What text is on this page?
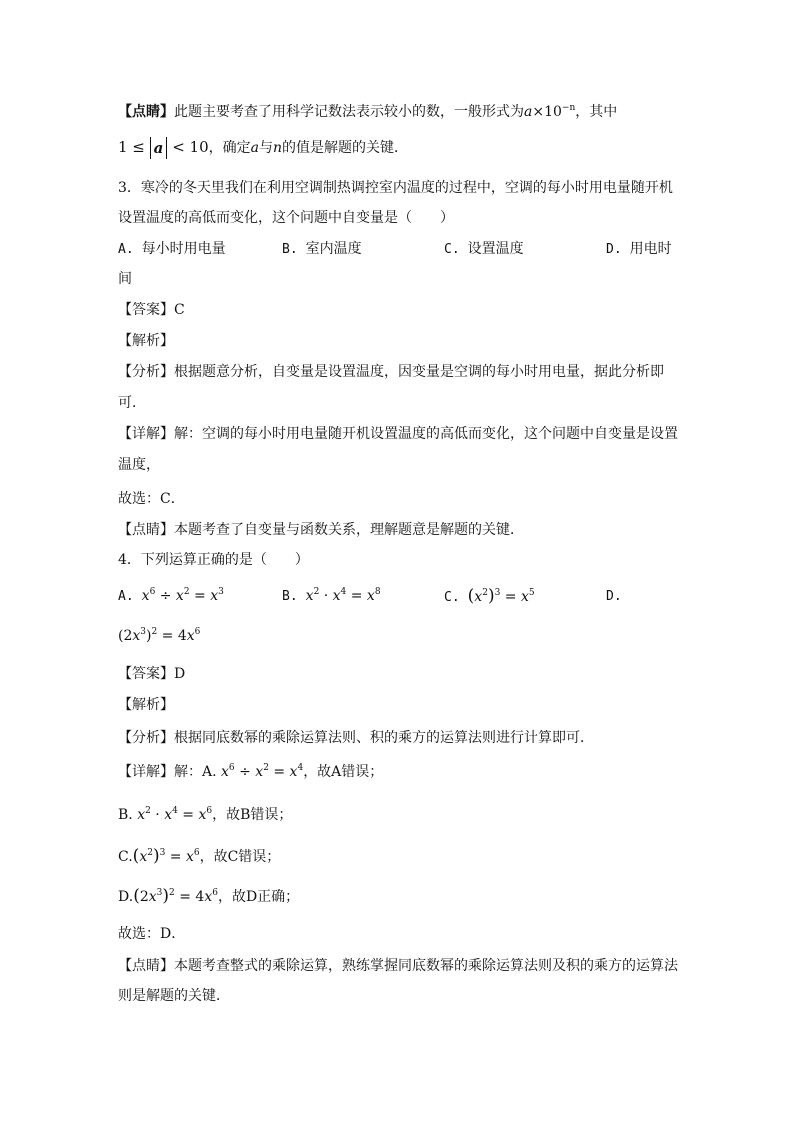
【点睛】此题主要考查了用科学记数法表示较小的数，一般形式为$a\times 10^{-n}$，其中
1 ≤ a < 10，确定a与n的值是解题的关键．
3．寒冷的冬天里我们在利用空调制热调控室内温度的过程中，空调的每小时用电量随开机
设置温度的高低而变化，这个问题中自变量是（　　）
A. 每小时用电量	B. 室内温度	C. 设置温度	D. 用电时
间
【答案】C
【解析】
【分析】根据题意分析，自变量是设置温度，因变量是空调的每小时用电量，据此分析即
可．
【详解】解：空调的每小时用电量随开机设置温度的高低而变化，这个问题中自变量是设置
温度，
故选：C．
【点睛】本题考查了自变量与函数关系，理解题意是解题的关键．
4．下列运算正确的是（　　）
A. $x^6 \div x^2 = x^3$	B. $x^2 \cdot x^4 = x^8$	C. $(x^2)^3 = x^5$	D.
$(2x^3)^2 = 4x^6$
【答案】D
【解析】
【分析】根据同底数幂的乘除运算法则、积的乘方的运算法则进行计算即可．
【详解】解：A. $x^6 \div x^2 = x^4$，故A错误；
B. $x^2 \cdot x^4 = x^6$，故B错误；
$C.(x^2)^3 = x^6$，故C错误；
$D.(2x^3)^2 = 4x^6$，故D正确；
故选：D．
【点睛】本题考查整式的乘除运算，熟练掌握同底数幂的乘除运算法则及积的乘方的运算法
则是解题的关键．
